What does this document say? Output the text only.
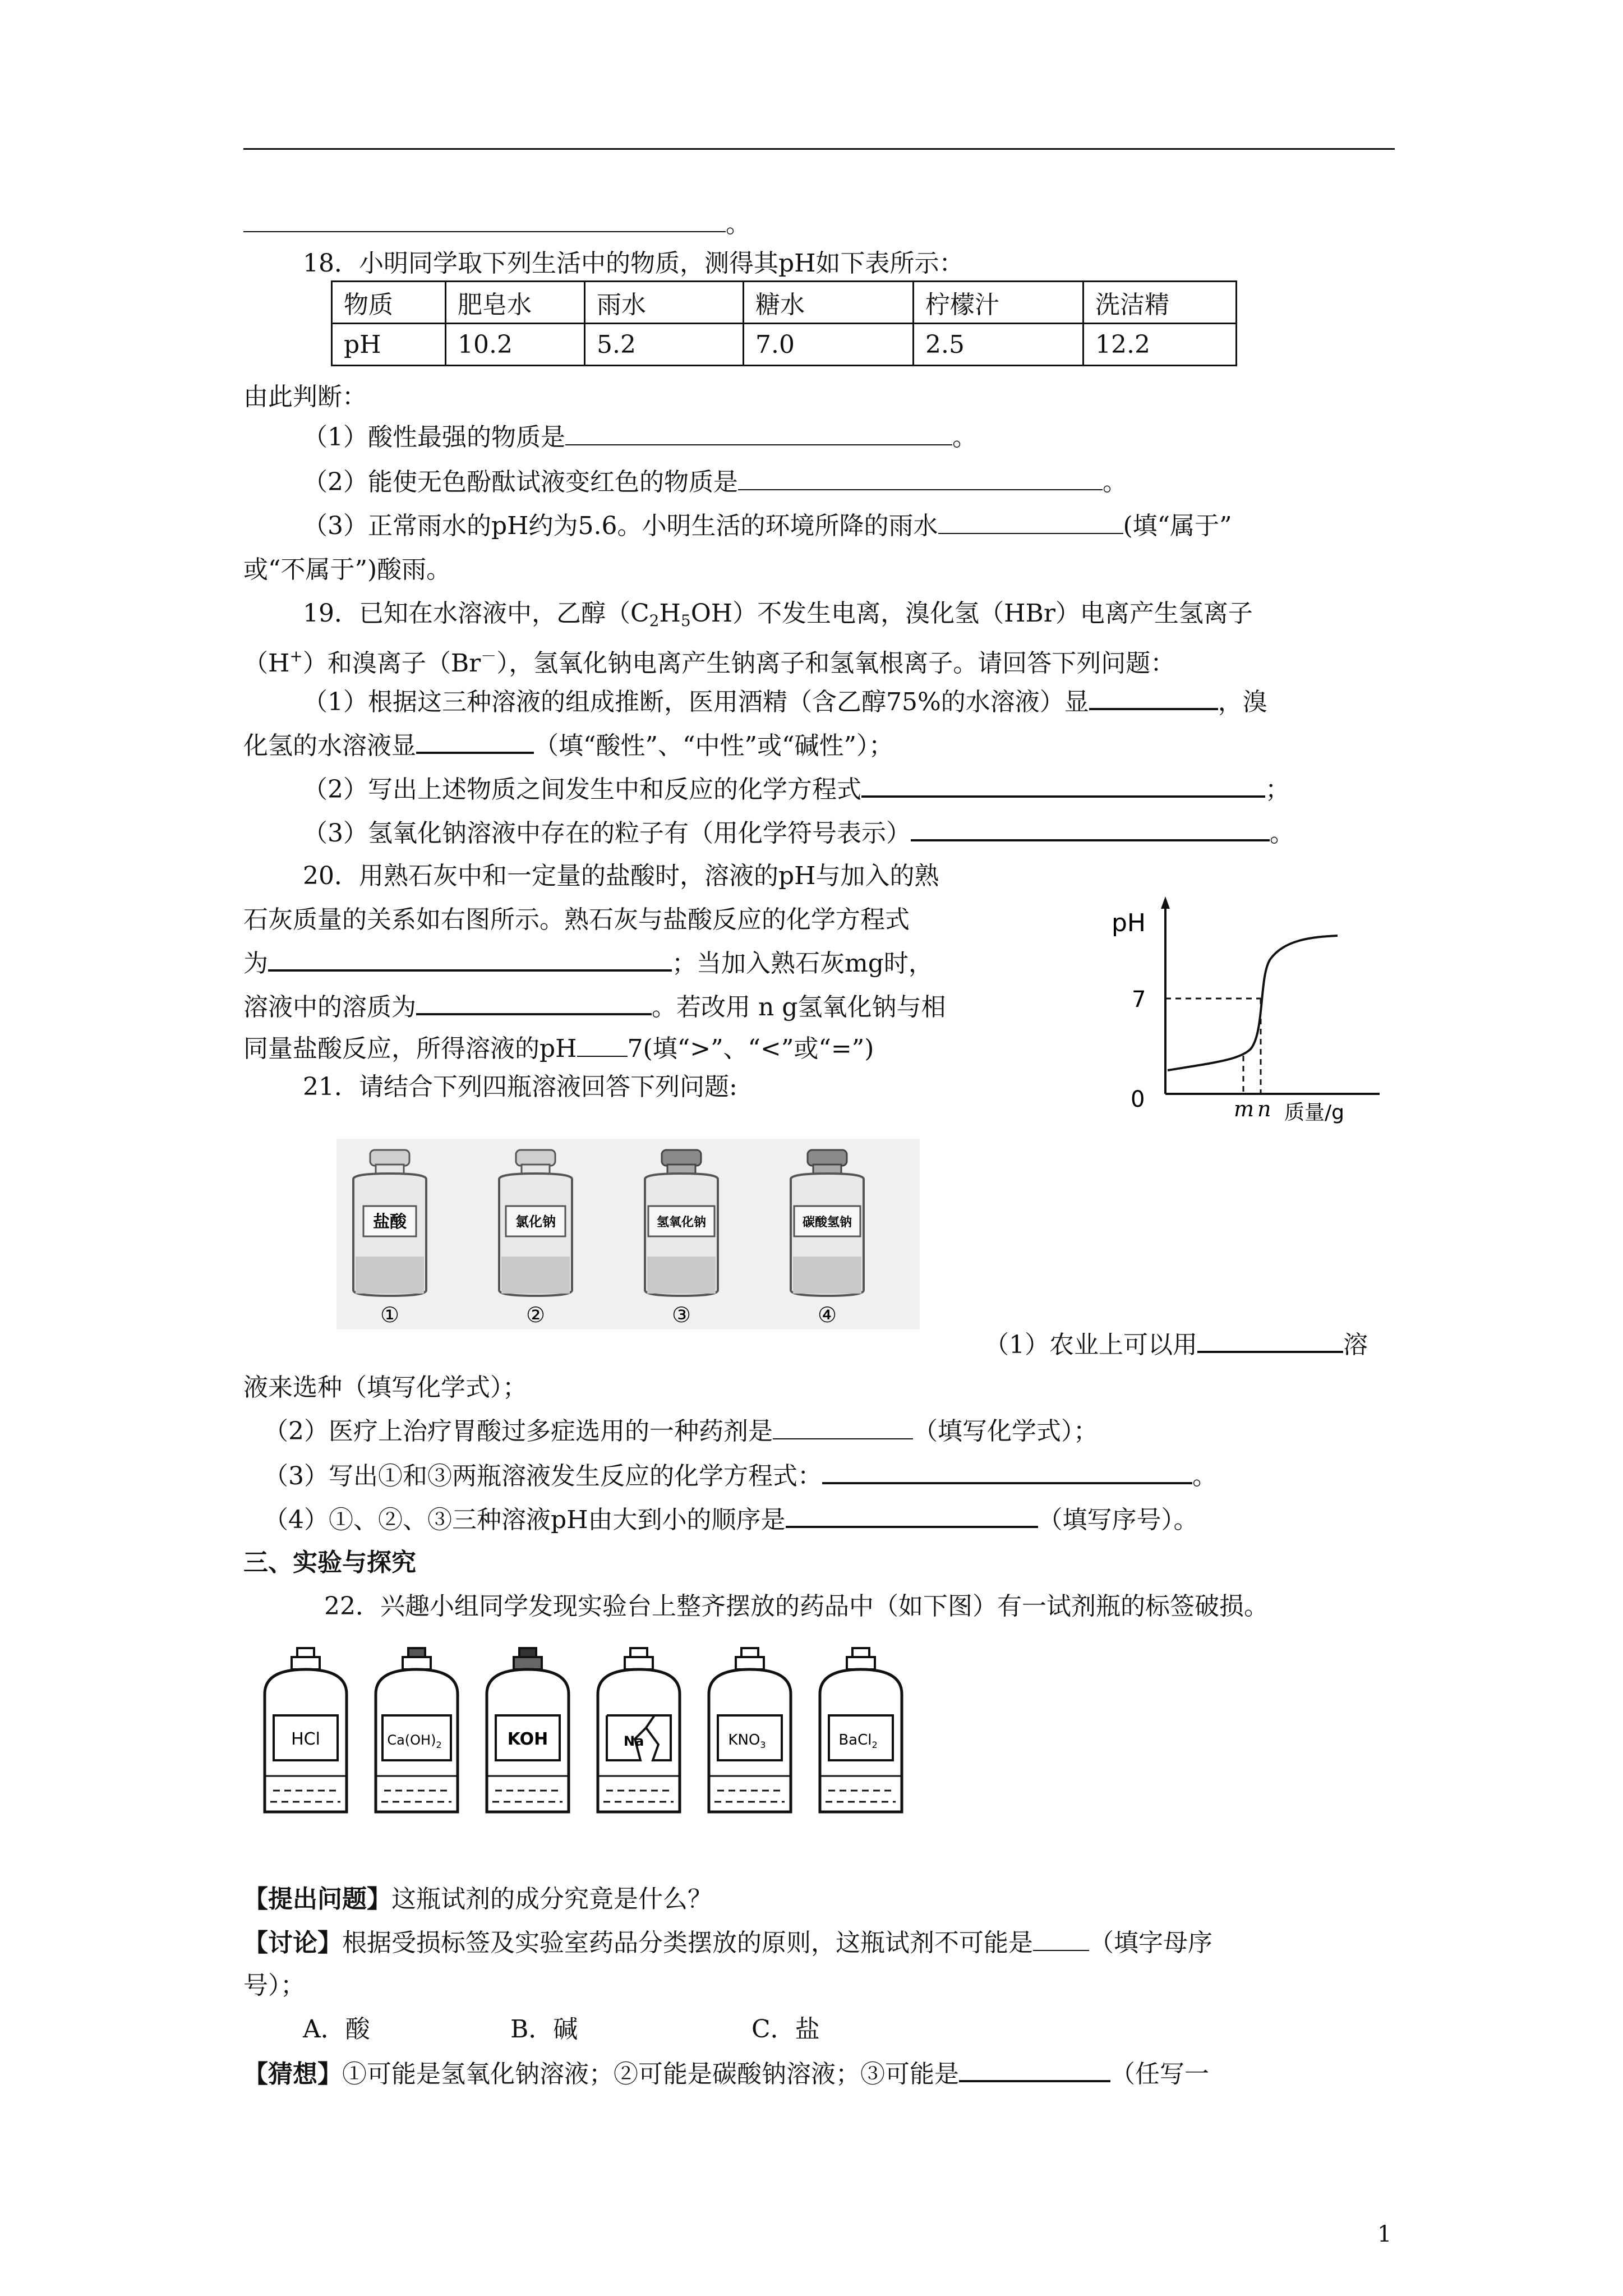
。
18．小明同学取下列生活中的物质，测得其pH如下表所示：
物质	肥皂水	雨水	糖水	柠檬汁	洗洁精
pH	10.2	5.2	7.0	2.5	12.2
由此判断：
（1）酸性最强的物质是	。
（2）能使无色酚酞试液变红色的物质是	。
（3）正常雨水的pH约为5.6。小明生活的环境所降的雨水	(填“属于”
或“不属于”)酸雨。
19．已知在水溶液中，乙醇$(C_2H_5OH)$不发生电离，溴化氢（HBr）电离产生氢离子
（H+）和溴离子（Br－），氢氧化钠电离产生钠离子和氢氧根离子。请回答下列问题：
（1）根据这三种溶液的组成推断，医用酒精（含乙醇75%的水溶液）显	，溴
化氢的水溶液显	（填“酸性”、“中性”或“碱性”）；
（2）写出上述物质之间发生中和反应的化学方程式	；
（3）氢氧化钠溶液中存在的粒子有（用化学符号表示）	。
20．用熟石灰中和一定量的盐酸时，溶液的pH与加入的熟
石灰质量的关系如右图所示。熟石灰与盐酸反应的化学方程式
为	；当加入熟石灰mg时，
溶液中的溶质为	。若改用 n g氢氧化钠与相
同量盐酸反应，所得溶液的pH 7(填“>”、“<”或“=”)
pH
7
0	m n 质量/g
21．请结合下列四瓶溶液回答下列问题:
盐酸
①
氯化钠
②
氢氧化钠
③
碳酸氢钠
④
（1）农业上可以用	溶
液来选种（填写化学式）；
（2）医疗上治疗胃酸过多症选用的一种药剂是	（填写化学式）；
（3）写出①和③两瓶溶液发生反应的化学方程式：	。
（4）①、②、③三种溶液pH由大到小的顺序是	（填写序号）。
三、实验与探究
22．兴趣小组同学发现实验台上整齐摆放的药品中（如下图）有一试剂瓶的标签破损。
HCl	$Ca(OH)_2$	KOH	Na	$KNO_3$	BaCl$_2$
【提出问题】这瓶试剂的成分究竟是什么？
【讨论】根据受损标签及实验室药品分类摆放的原则，这瓶试剂不可能是 （填字母序
号）；
A．酸	B．碱	C．盐
【猜想】①可能是氢氧化钠溶液；②可能是碳酸钠溶液；③可能是	（任写一
1
